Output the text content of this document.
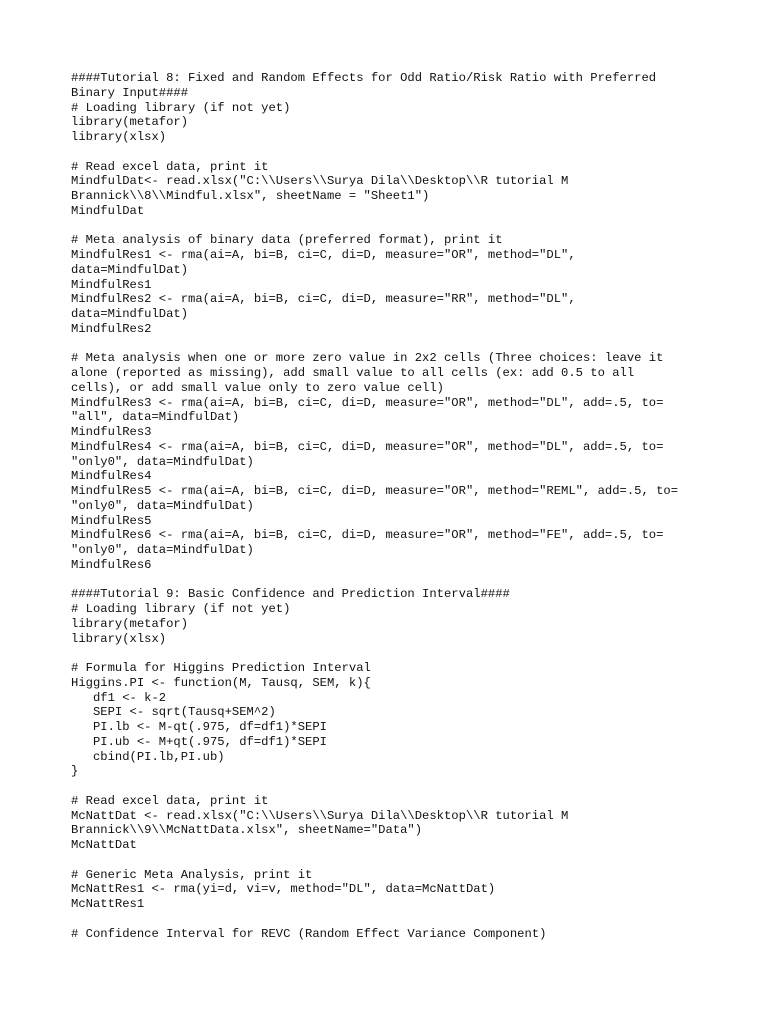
####Tutorial 8: Fixed and Random Effects for Odd Ratio/Risk Ratio with Preferred
Binary Input####
# Loading library (if not yet)
library(metafor)
library(xlsx)
# Read excel data, print it
MindfulDat<- read.xlsx("C:\\Users\\Surya Dila\\Desktop\\R tutorial M
Brannick\\8\\Mindful.xlsx", sheetName = "Sheet1")
MindfulDat
# Meta analysis of binary data (preferred format), print it
MindfulRes1 <- rma(ai=A, bi=B, ci=C, di=D, measure="OR", method="DL",
data=MindfulDat)
MindfulRes1
MindfulRes2 <- rma(ai=A, bi=B, ci=C, di=D, measure="RR", method="DL",
data=MindfulDat)
MindfulRes2
# Meta analysis when one or more zero value in 2x2 cells (Three choices: leave it
alone (reported as missing), add small value to all cells (ex: add 0.5 to all
cells), or add small value only to zero value cell)
MindfulRes3 <- rma(ai=A, bi=B, ci=C, di=D, measure="OR", method="DL", add=.5, to=
"all", data=MindfulDat)
MindfulRes3
MindfulRes4 <- rma(ai=A, bi=B, ci=C, di=D, measure="OR", method="DL", add=.5, to=
"only0", data=MindfulDat)
MindfulRes4
MindfulRes5 <- rma(ai=A, bi=B, ci=C, di=D, measure="OR", method="REML", add=.5, to=
"only0", data=MindfulDat)
MindfulRes5
MindfulRes6 <- rma(ai=A, bi=B, ci=C, di=D, measure="OR", method="FE", add=.5, to=
"only0", data=MindfulDat)
MindfulRes6
####Tutorial 9: Basic Confidence and Prediction Interval####
# Loading library (if not yet)
library(metafor)
library(xlsx)
# Formula for Higgins Prediction Interval
Higgins.PI <- function(M, Tausq, SEM, k){
df1 <- k-2
SEPI <- sqrt(Tausq+SEM^2)
PI.lb <- M-qt(.975, df=df1)*SEPI
PI.ub <- M+qt(.975, df=df1)*SEPI
cbind(PI.lb,PI.ub)
}
# Read excel data, print it
McNattDat <- read.xlsx("C:\\Users\\Surya Dila\\Desktop\\R tutorial M
Brannick\\9\\McNattData.xlsx", sheetName="Data")
McNattDat
# Generic Meta Analysis, print it
McNattRes1 <- rma(yi=d, vi=v, method="DL", data=McNattDat)
McNattRes1
# Confidence Interval for REVC (Random Effect Variance Component)
